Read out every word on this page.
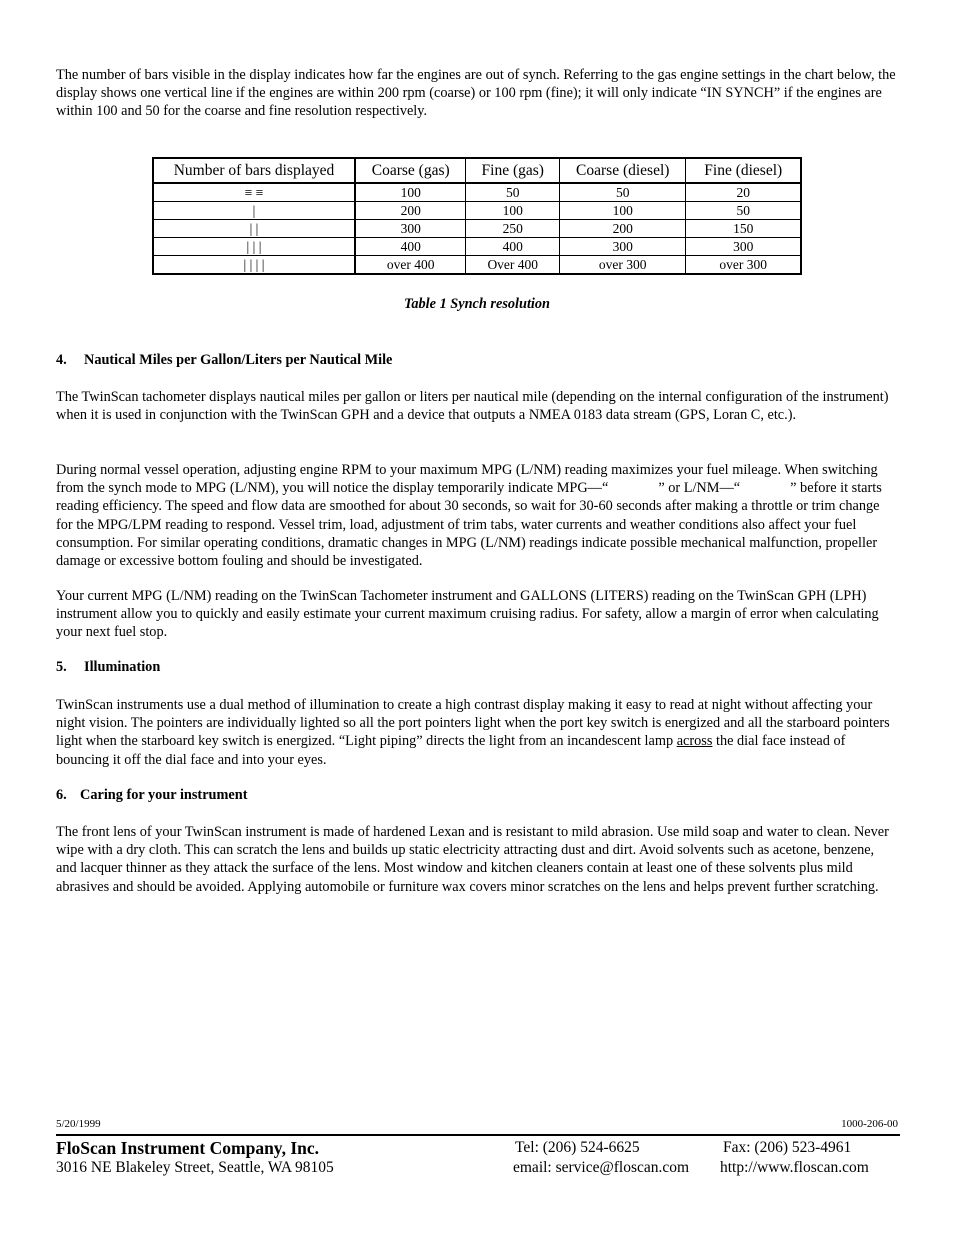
The number of bars visible in the display indicates how far the engines are out of synch. Referring to the gas engine settings in the chart below, the display shows one vertical line if the engines are within 200 rpm (coarse) or 100 rpm (fine); it will only indicate “IN SYNCH” if the engines are within 100 and 50 for the coarse and fine resolution respectively.

Number of bars displayed	Coarse (gas)	Fine (gas)	Coarse (diesel)	Fine (diesel)
≡ ≡	100	50	50	20
|	200	100	100	50
| |	300	250	200	150
| | |	400	400	300	300
| | | |	over 400	Over 400	over 300	over 300
Table 1 Synch resolution
4. Nautical Miles per Gallon/Liters per Nautical Mile

The TwinScan tachometer displays nautical miles per gallon or liters per nautical mile (depending on the internal configuration of the instrument) when it is used in conjunction with the TwinScan GPH and a device that outputs a NMEA 0183 data stream (GPS, Loran C, etc.).

During normal vessel operation, adjusting engine RPM to your maximum MPG (L/NM) reading maximizes your fuel mileage. When switching from the synch mode to MPG (L/NM), you will notice the display temporarily indicate MPG—“	” or L/NM—“	” before it starts reading efficiency. The speed and flow data are smoothed for about 30 seconds, so wait for 30-60 seconds after making a throttle or trim change for the MPG/LPM reading to respond. Vessel trim, load, adjustment of trim tabs, water currents and weather conditions also affect your fuel consumption. For similar operating conditions, dramatic changes in MPG (L/NM) readings indicate possible mechanical malfunction, propeller damage or excessive bottom fouling and should be investigated.

Your current MPG (L/NM) reading on the TwinScan Tachometer instrument and GALLONS (LITERS) reading on the TwinScan GPH (LPH) instrument allow you to quickly and easily estimate your current maximum cruising radius. For safety, allow a margin of error when calculating your next fuel stop.

5. Illumination

TwinScan instruments use a dual method of illumination to create a high contrast display making it easy to read at night without affecting your night vision. The pointers are individually lighted so all the port pointers light when the port key switch is energized and all the starboard pointers light when the starboard key switch is energized. “Light piping” directs the light from an incandescent lamp across the dial face instead of bouncing it off the dial face and into your eyes.

6. Caring for your instrument

The front lens of your TwinScan instrument is made of hardened Lexan and is resistant to mild abrasion. Use mild soap and water to clean. Never wipe with a dry cloth. This can scratch the lens and builds up static electricity attracting dust and dirt. Avoid solvents such as acetone, benzene, and lacquer thinner as they attack the surface of the lens. Most window and kitchen cleaners contain at least one of these solvents plus mild abrasives and should be avoided. Applying automobile or furniture wax covers minor scratches on the lens and helps prevent further scratching.

5/20/1999	1000-206-00
FloScan Instrument Company, Inc.
3016 NE Blakeley Street, Seattle, WA 98105
Tel: (206) 524-6625	Fax: (206) 523-4961
email: service@floscan.com http://www.floscan.com
